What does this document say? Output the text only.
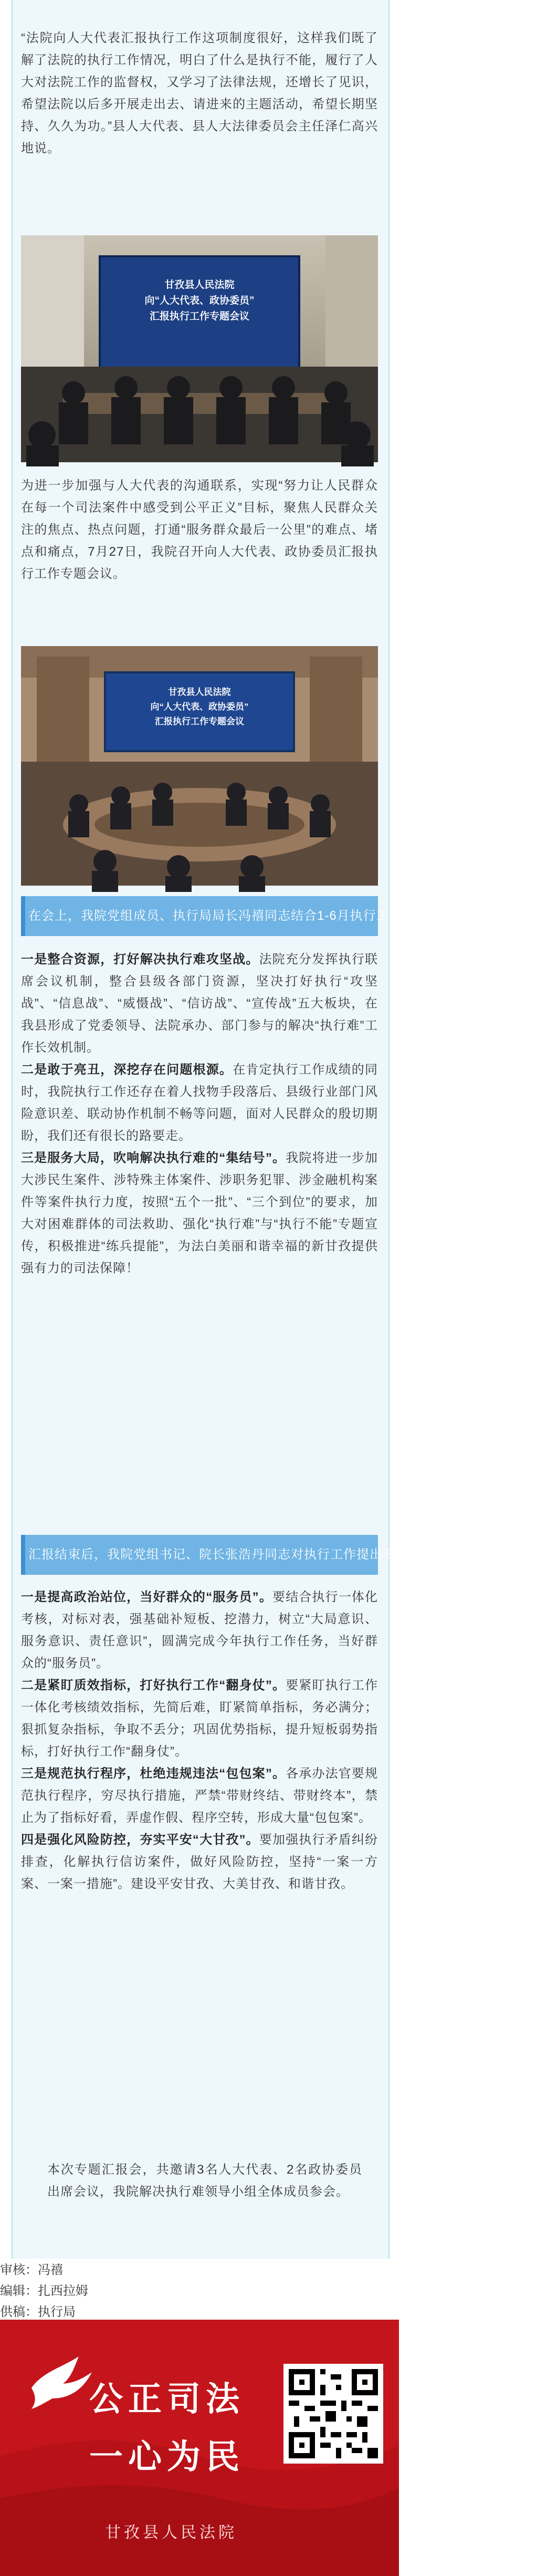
“法院向人大代表汇报执行工作这项制度很好，这样我们既了解了法院的执行工作情况，明白了什么是执行不能，履行了人大对法院工作的监督权，又学习了法律法规，还增长了见识，希望法院以后多开展走出去、请进来的主题活动，希望长期坚持、久久为功。”县人大代表、县人大法律委员会主任泽仁高兴地说。
甘孜县人民法院
向“人大代表、政协委员”
汇报执行工作专题会议
为进一步加强与人大代表的沟通联系，实现“努力让人民群众在每一个司法案件中感受到公平正义”目标，聚焦人民群众关注的焦点、热点问题，打通“服务群众最后一公里”的难点、堵点和痛点，7月27日，我院召开向人大代表、政协委员汇报执行工作专题会议。
甘孜县人民法院
向“人大代表、政协委员”
汇报执行工作专题会议
在会上，我院党组成员、执行局局长冯禧同志结合1-6月执行工作情况作了汇报，并指出：
一是整合资源，打好解决执行难攻坚战。法院充分发挥执行联席会议机制，整合县级各部门资源，坚决打好执行“攻坚战”、“信息战”、“威慑战”、“信访战”、“宣传战”五大板块，在我县形成了党委领导、法院承办、部门参与的解决“执行难”工作长效机制。
二是敢于亮丑，深挖存在问题根源。在肯定执行工作成绩的同时，我院执行工作还存在着人找物手段落后、县级行业部门风险意识差、联动协作机制不畅等问题，面对人民群众的殷切期盼，我们还有很长的路要走。
三是服务大局，吹响解决执行难的“集结号”。我院将进一步加大涉民生案件、涉特殊主体案件、涉职务犯罪、涉金融机构案件等案件执行力度，按照“五个一批”、“三个到位”的要求，加大对困难群体的司法救助、强化“执行难”与“执行不能”专题宣传，积极推进“练兵提能”，为法白美丽和谐幸福的新甘孜提供强有力的司法保障！
汇报结束后，我院党组书记、院长张浩丹同志对执行工作提出要求：
一是提高政治站位，当好群众的“服务员”。要结合执行一体化考核，对标对表，强基础补短板、挖潜力，树立“大局意识、服务意识、责任意识”，圆满完成今年执行工作任务，当好群众的“服务员”。
二是紧盯质效指标，打好执行工作“翻身仗”。要紧盯执行工作一体化考核绩效指标，先简后难，盯紧简单指标，务必满分；狠抓复杂指标，争取不丢分；巩固优势指标，提升短板弱势指标，打好执行工作“翻身仗”。
三是规范执行程序，杜绝违规违法“包包案”。各承办法官要规范执行程序，穷尽执行措施，严禁“带财终结、带财终本”，禁止为了指标好看，弄虚作假、程序空转，形成大量“包包案”。
四是强化风险防控，夯实平安“大甘孜”。要加强执行矛盾纠纷排查，化解执行信访案件，做好风险防控，坚持“一案一方案、一案一措施”。建设平安甘孜、大美甘孜、和谐甘孜。
本次专题汇报会，共邀请3名人大代表、2名政协委员出席会议，我院解决执行难领导小组全体成员参会。
审核：冯禧
编辑：扎西拉姆
供稿：执行局
公正司法
一心为民
甘孜县人民法院
